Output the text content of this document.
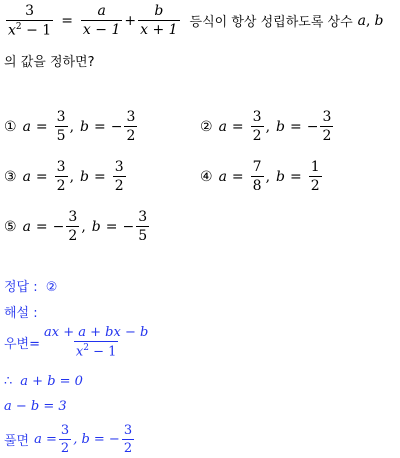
$\frac{3}{x^2 - 1} = \frac{a}{x - 1} + \frac{b}{x + 1}$ 등식이 항상 성립하도록 상수 a , b
의 값을 정하면?
① $a = \frac{3}{5}$ , b = − $\frac{3}{2}$	② $a = \frac{3}{2}$ , b = − $\frac{3}{2}$
③ $a = \frac{3}{2}$ , $b = \frac{3}{2}$	④ $a = \frac{7}{8}$ , $b = \frac{1}{2}$
⑤ a = − $\frac{3}{2}$ , b = − $\frac{3}{5}$
정답 : ②
해설 :
우변= $\frac{ax + a + bx - b}{x^2 - 1}$
∴ a + b = 0
a − b = 3
풀면 $a = \frac{3}{2}$ , b = − $\frac{3}{2}$
